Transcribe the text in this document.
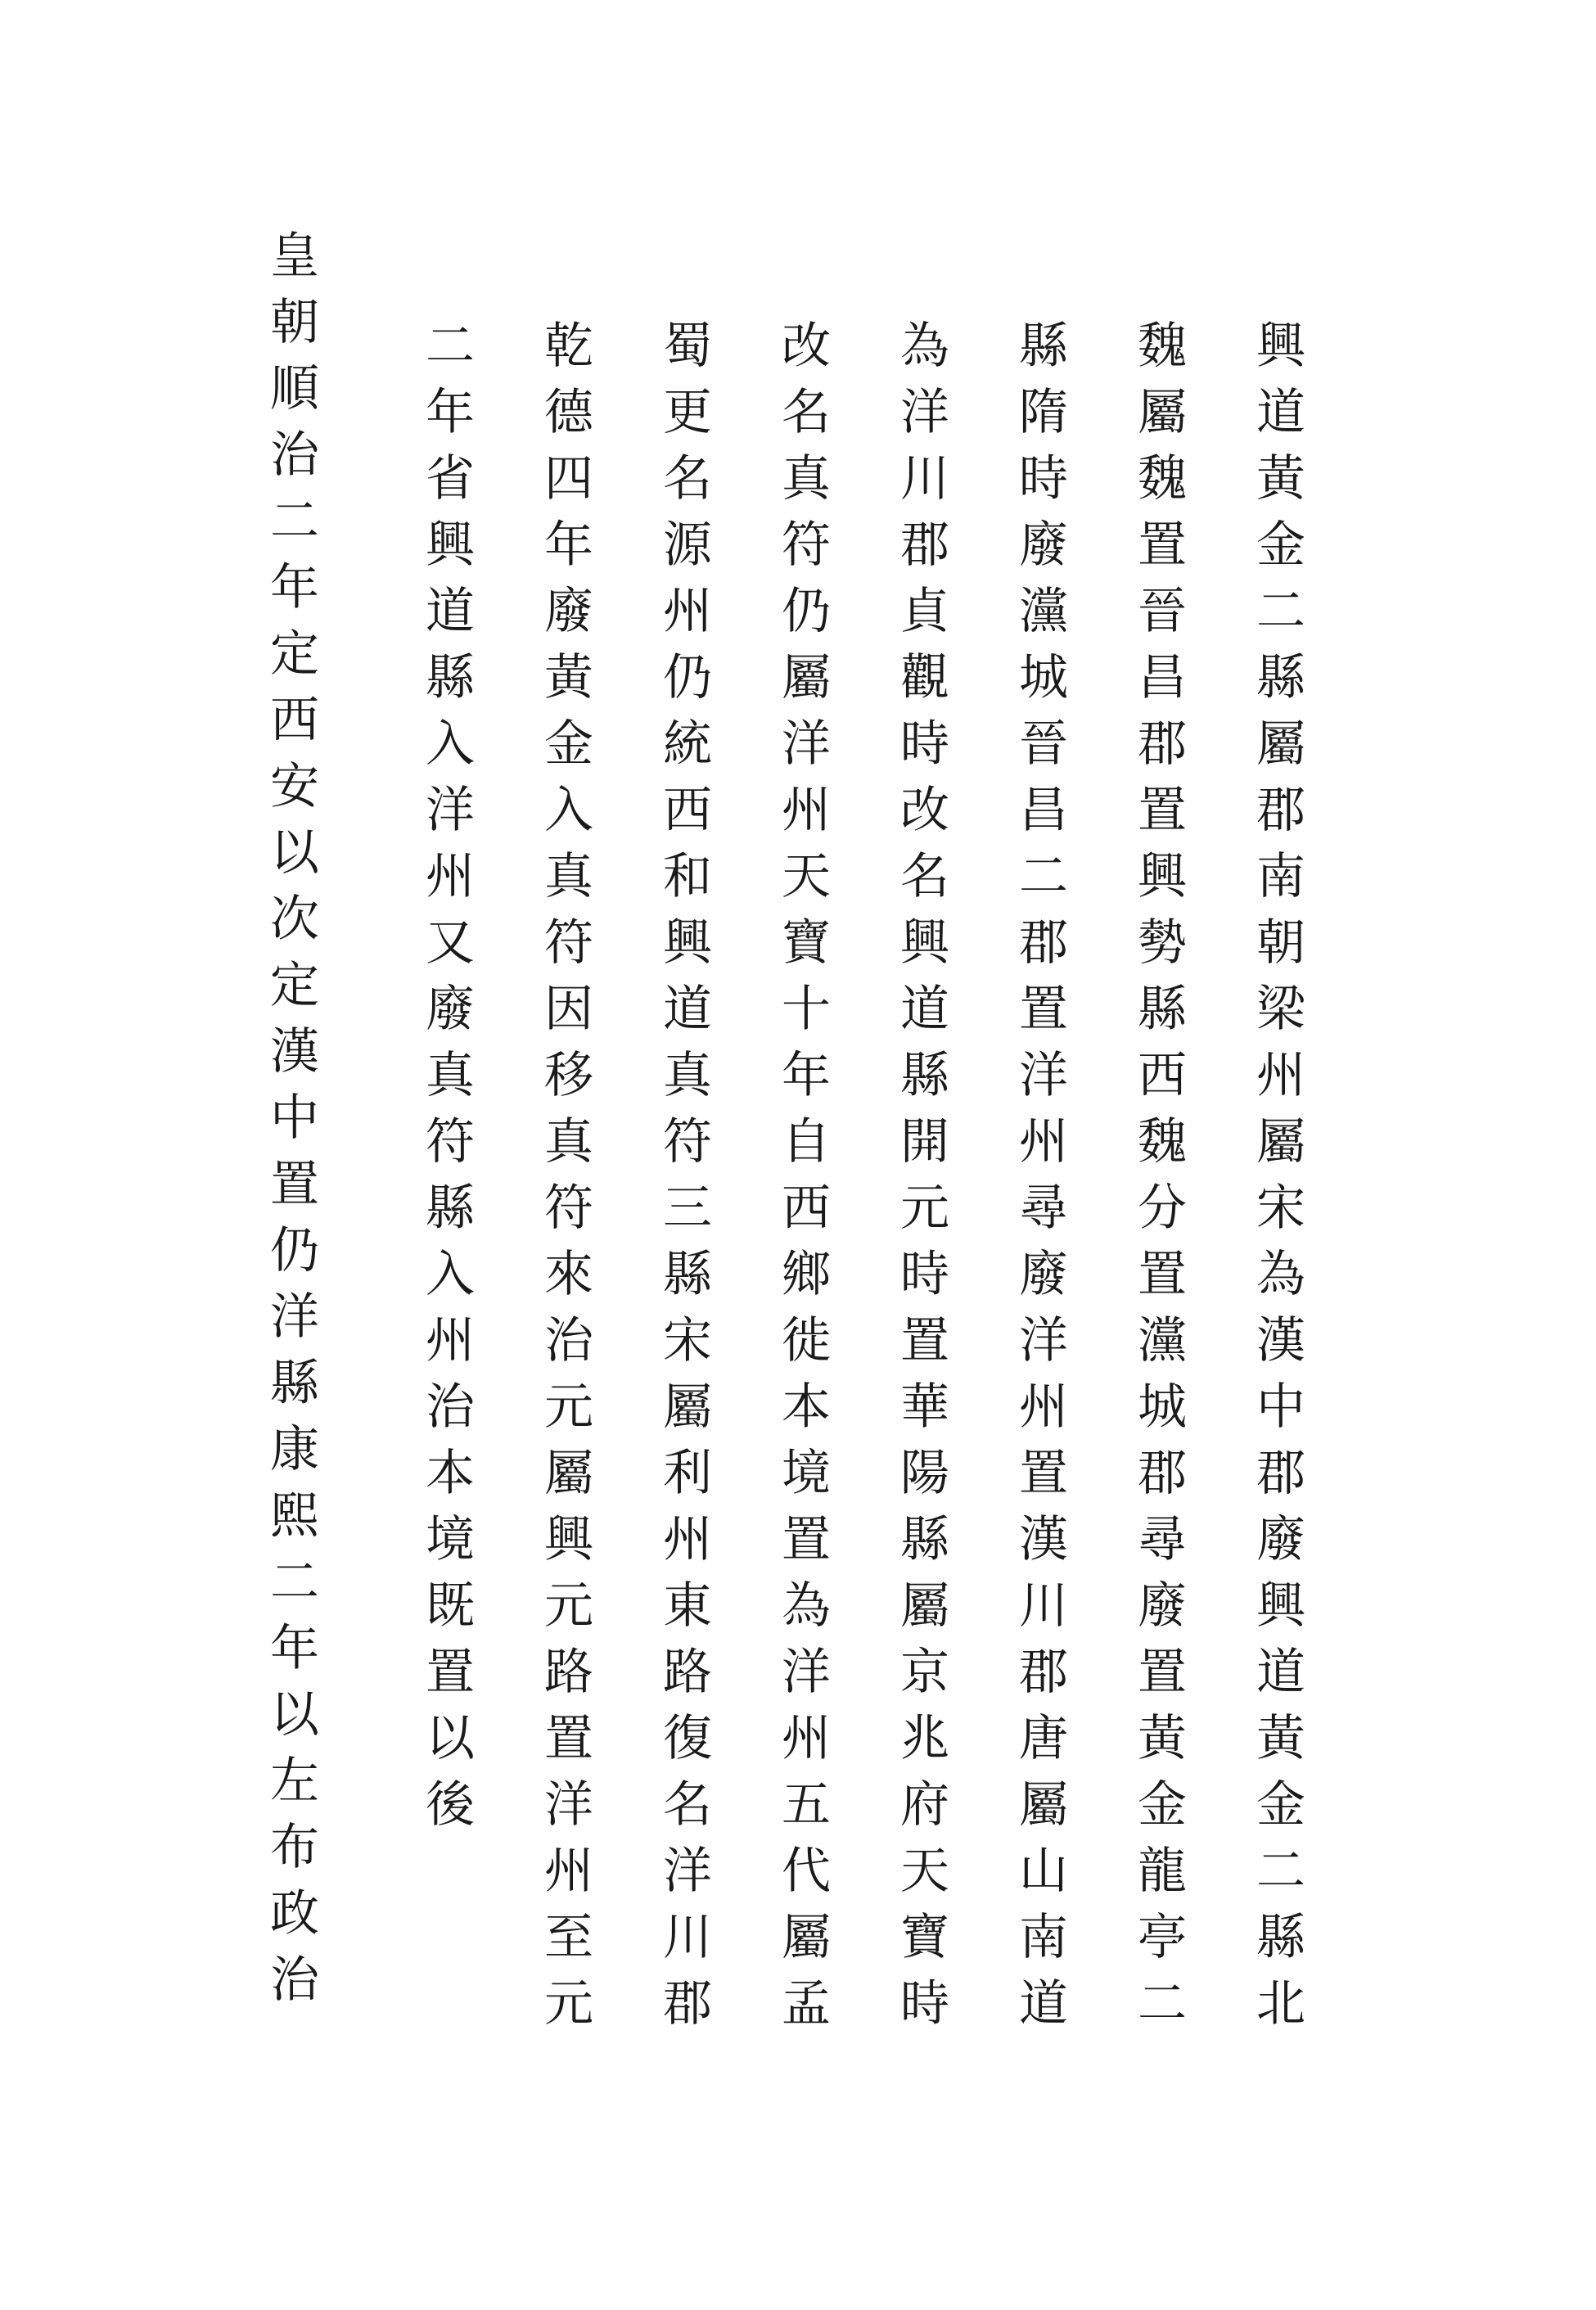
興道黃金二縣屬郡南朝梁州屬宋為漢中郡廢興道黃金二縣北
魏屬魏置晉昌郡置興勢縣西魏分置灙城郡尋廢置黃金龍亭二
縣隋時廢灙城晉昌二郡置洋州尋廢洋州置漢川郡唐屬山南道
為洋川郡貞觀時改名興道縣開元時置華陽縣屬京兆府天寶時
改名真符仍屬洋州天寶十年自西鄉徙本境置為洋州五代屬孟
蜀更名源州仍統西和興道真符三縣宋屬利州東路復名洋川郡
乾德四年廢黃金入真符因移真符來治元屬興元路置洋州至元
二年省興道縣入洋州又廢真符縣入州治本境既置以後
皇朝順治二年定西安以次定漢中置仍洋縣康熙二年以左布政治
